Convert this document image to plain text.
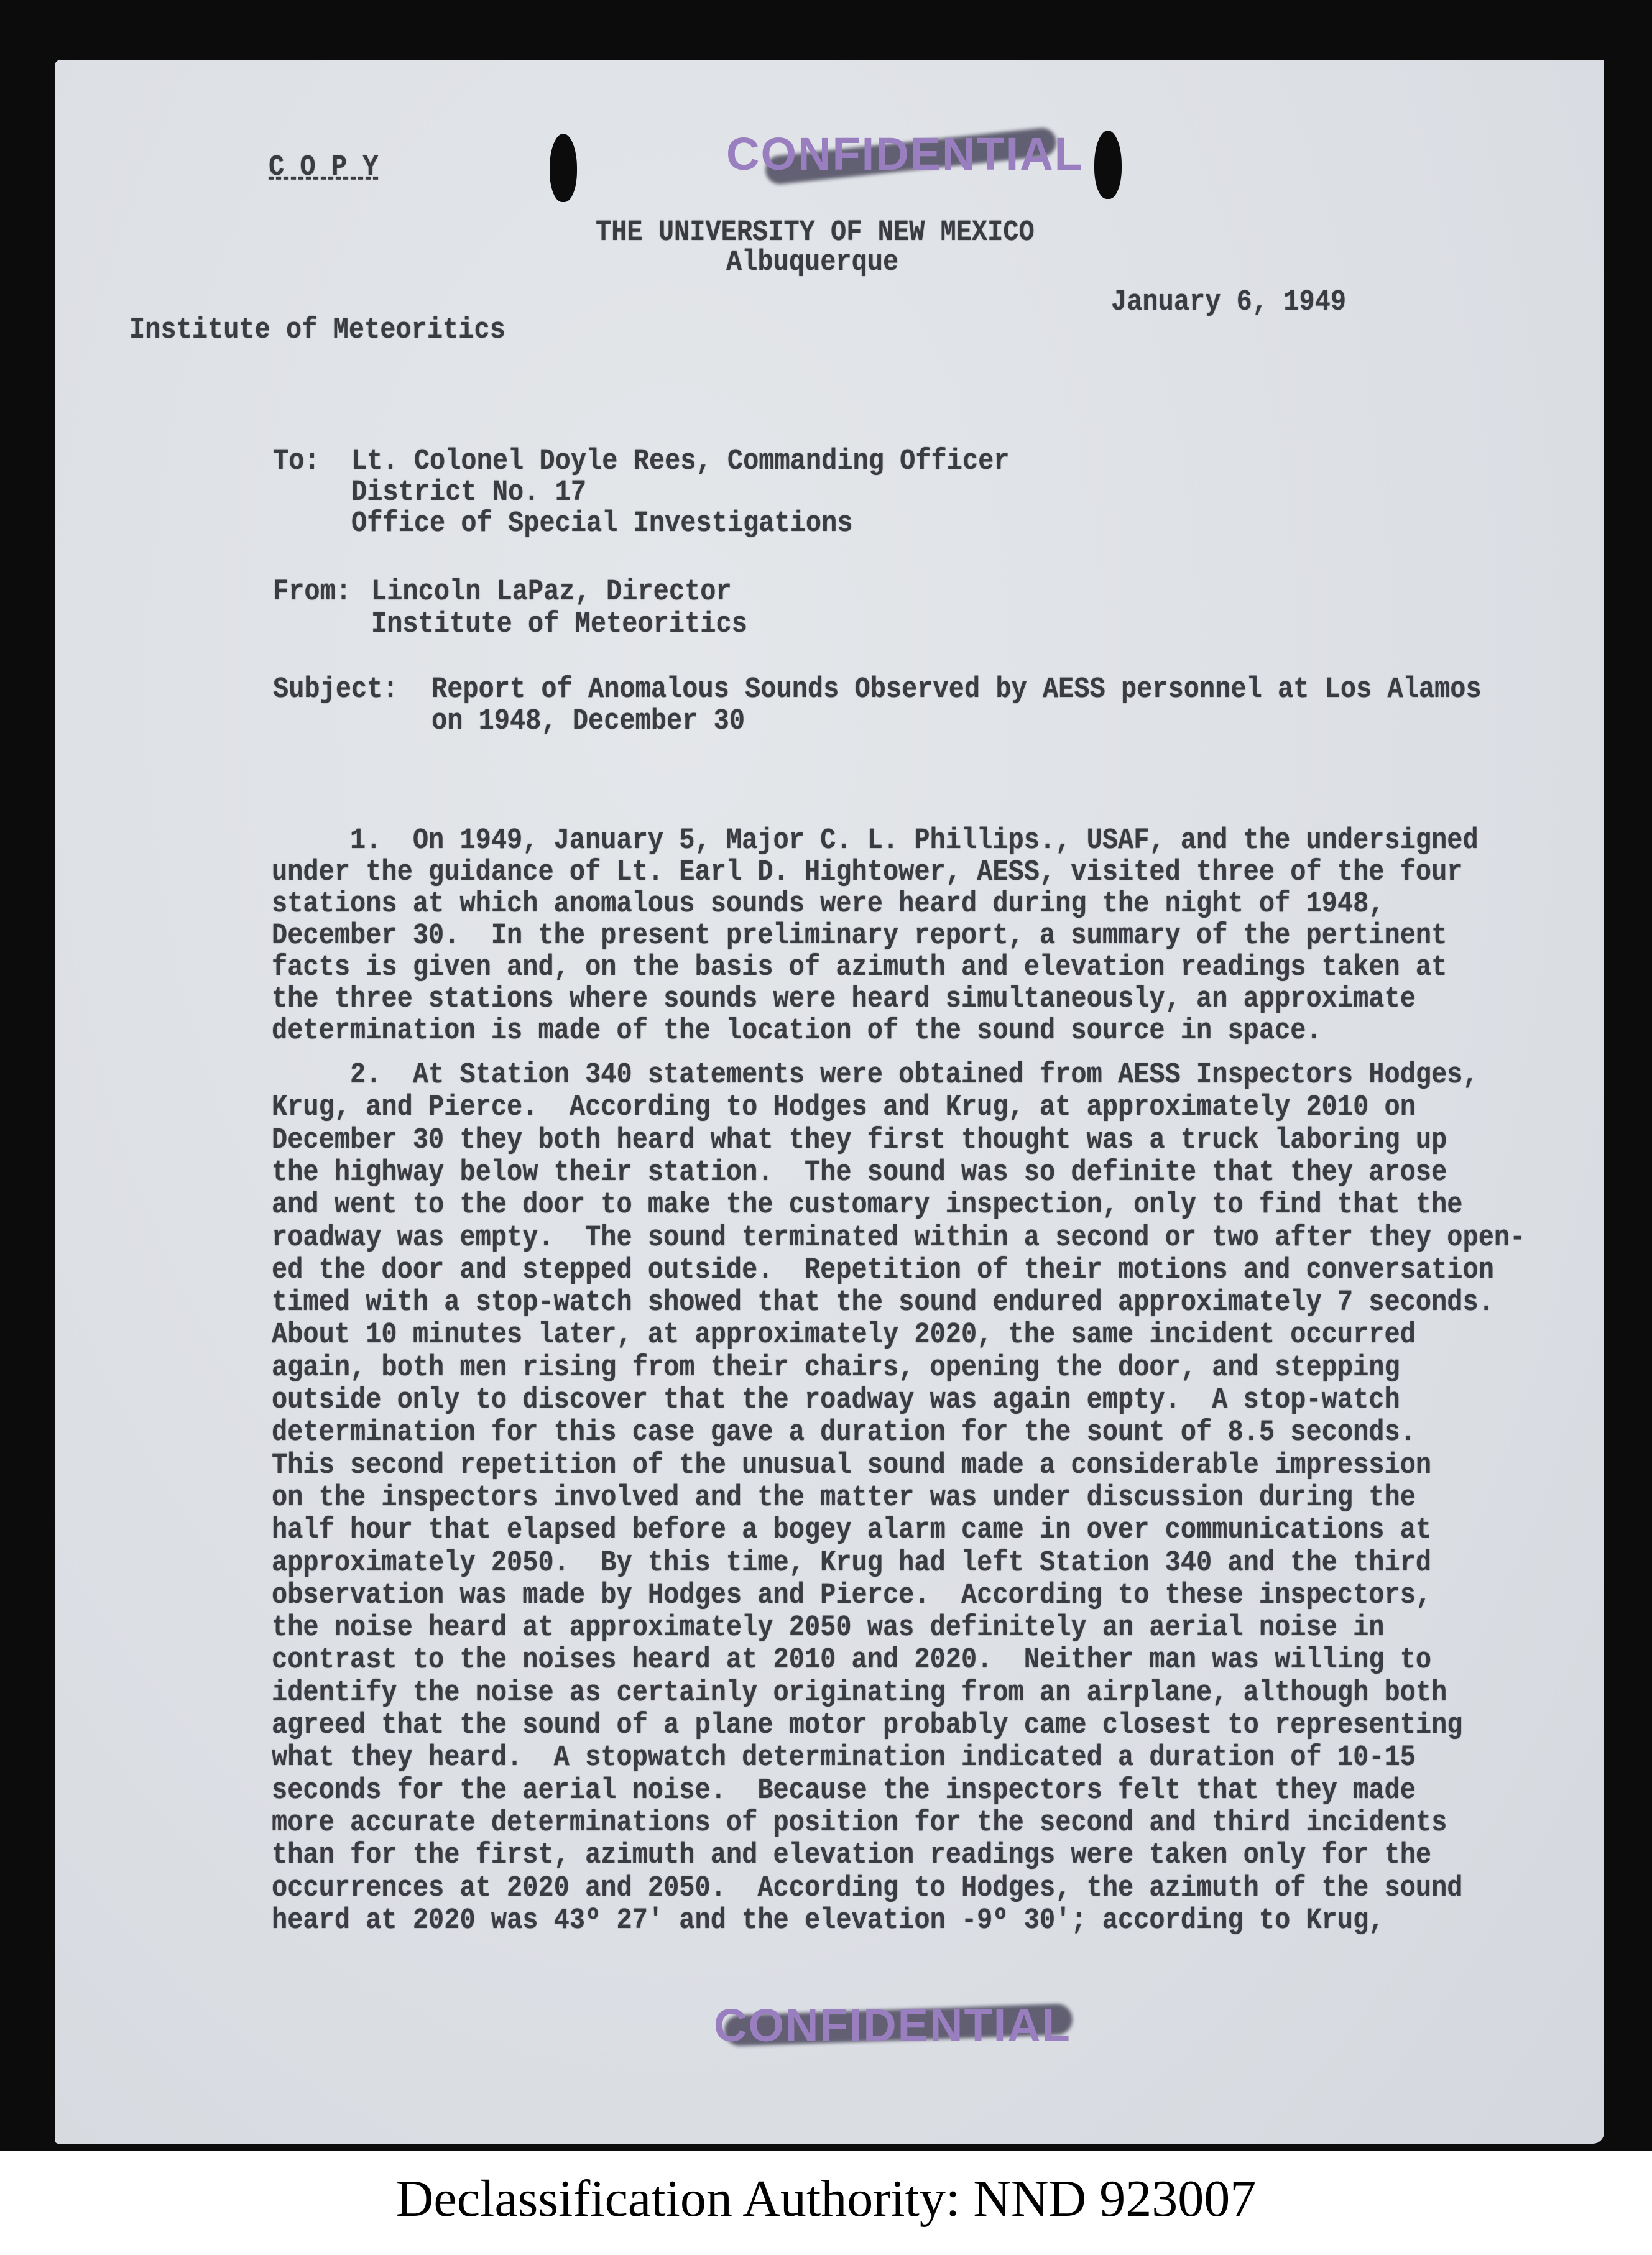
C O P Y	CONFIDENTIAL
THE UNIVERSITY OF NEW MEXICO
Albuquerque
January 6, 1949
Institute of Meteoritics
To: Lt. Colonel Doyle Rees, Commanding Officer
District No. 17
Office of Special Investigations
From: Lincoln LaPaz, Director
Institute of Meteoritics
Subject: Report of Anomalous Sounds Observed by AESS personnel at Los Alamos
on 1948, December 30
1.  On 1949, January 5, Major C. L. Phillips., USAF, and the undersigned
under the guidance of Lt. Earl D. Hightower, AESS, visited three of the four
stations at which anomalous sounds were heard during the night of 1948,
December 30.  In the present preliminary report, a summary of the pertinent
facts is given and, on the basis of azimuth and elevation readings taken at
the three stations where sounds were heard simultaneously, an approximate
determination is made of the location of the sound source in space.
2.  At Station 340 statements were obtained from AESS Inspectors Hodges,
Krug, and Pierce.  According to Hodges and Krug, at approximately 2010 on
December 30 they both heard what they first thought was a truck laboring up
the highway below their station.  The sound was so definite that they arose
and went to the door to make the customary inspection, only to find that the
roadway was empty.  The sound terminated within a second or two after they open-
ed the door and stepped outside.  Repetition of their motions and conversation
timed with a stop-watch showed that the sound endured approximately 7 seconds.
About 10 minutes later, at approximately 2020, the same incident occurred
again, both men rising from their chairs, opening the door, and stepping
outside only to discover that the roadway was again empty.  A stop-watch
determination for this case gave a duration for the sount of 8.5 seconds.
This second repetition of the unusual sound made a considerable impression
on the inspectors involved and the matter was under discussion during the
half hour that elapsed before a bogey alarm came in over communications at
approximately 2050.  By this time, Krug had left Station 340 and the third
observation was made by Hodges and Pierce.  According to these inspectors,
the noise heard at approximately 2050 was definitely an aerial noise in
contrast to the noises heard at 2010 and 2020.  Neither man was willing to
identify the noise as certainly originating from an airplane, although both
agreed that the sound of a plane motor probably came closest to representing
what they heard.  A stopwatch determination indicated a duration of 10-15
seconds for the aerial noise.  Because the inspectors felt that they made
more accurate determinations of position for the second and third incidents
than for the first, azimuth and elevation readings were taken only for the
occurrences at 2020 and 2050.  According to Hodges, the azimuth of the sound
heard at 2020 was 43º 27' and the elevation -9º 30'; according to Krug,
CONFIDENTIAL
Declassification Authority: NND 923007
